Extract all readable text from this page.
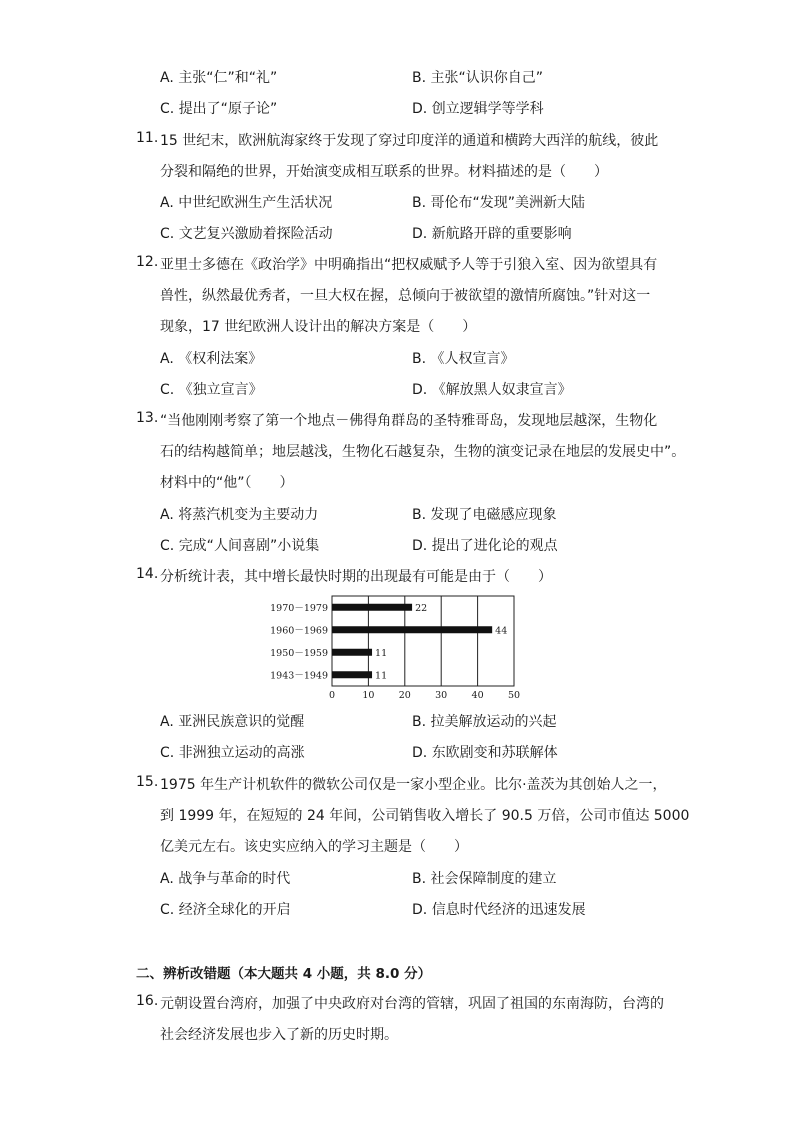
A. 主张“仁”和“礼”	B. 主张“认识你自己”
C. 提出了“原子论”	D. 创立逻辑学等学科
11. 15 世纪末，欧洲航海家终于发现了穿过印度洋的通道和横跨大西洋的航线，彼此
分裂和隔绝的世界，开始演变成相互联系的世界。材料描述的是（　　）
A. 中世纪欧洲生产生活状况	B. 哥伦布“发现”美洲新大陆
C. 文艺复兴激励着探险活动	D. 新航路开辟的重要影响
12. 亚里士多德在《政治学》中明确指出“把权威赋予人等于引狼入室、因为欲望具有
兽性，纵然最优秀者，一旦大权在握，总倾向于被欲望的激情所腐蚀。”针对这一
现象，17 世纪欧洲人设计出的解决方案是（　　）
A. 《权利法案》	B. 《人权宣言》
C. 《独立宣言》	D. 《解放黑人奴隶宣言》
13. “当他刚刚考察了第一个地点－佛得角群岛的圣特雅哥岛，发现地层越深，生物化
石的结构越简单；地层越浅，生物化石越复杂，生物的演变记录在地层的发展史中”。
材料中的“他”（　　）
A. 将蒸汽机变为主要动力	B. 发现了电磁感应现象
C. 完成“人间喜剧”小说集	D. 提出了进化论的观点
14. 分析统计表，其中增长最快时期的出现最有可能是由于（　　）
0	10	20	30	40	50
1970－1979	22
1960－1969	44
1950－1959	11
1943－1949	11
A. 亚洲民族意识的觉醒	B. 拉美解放运动的兴起
C. 非洲独立运动的高涨	D. 东欧剧变和苏联解体
15. 1975 年生产计机软件的微软公司仅是一家小型企业。比尔·盖茨为其创始人之一，
到 1999 年，在短短的 24 年间，公司销售收入增长了 90.5 万倍，公司市值达 5000
亿美元左右。该史实应纳入的学习主题是（　　）
A. 战争与革命的时代	B. 社会保障制度的建立
C. 经济全球化的开启	D. 信息时代经济的迅速发展
二、辨析改错题（本大题共 4 小题，共 8.0 分）
16. 元朝设置台湾府，加强了中央政府对台湾的管辖，巩固了祖国的东南海防，台湾的
社会经济发展也步入了新的历史时期。
